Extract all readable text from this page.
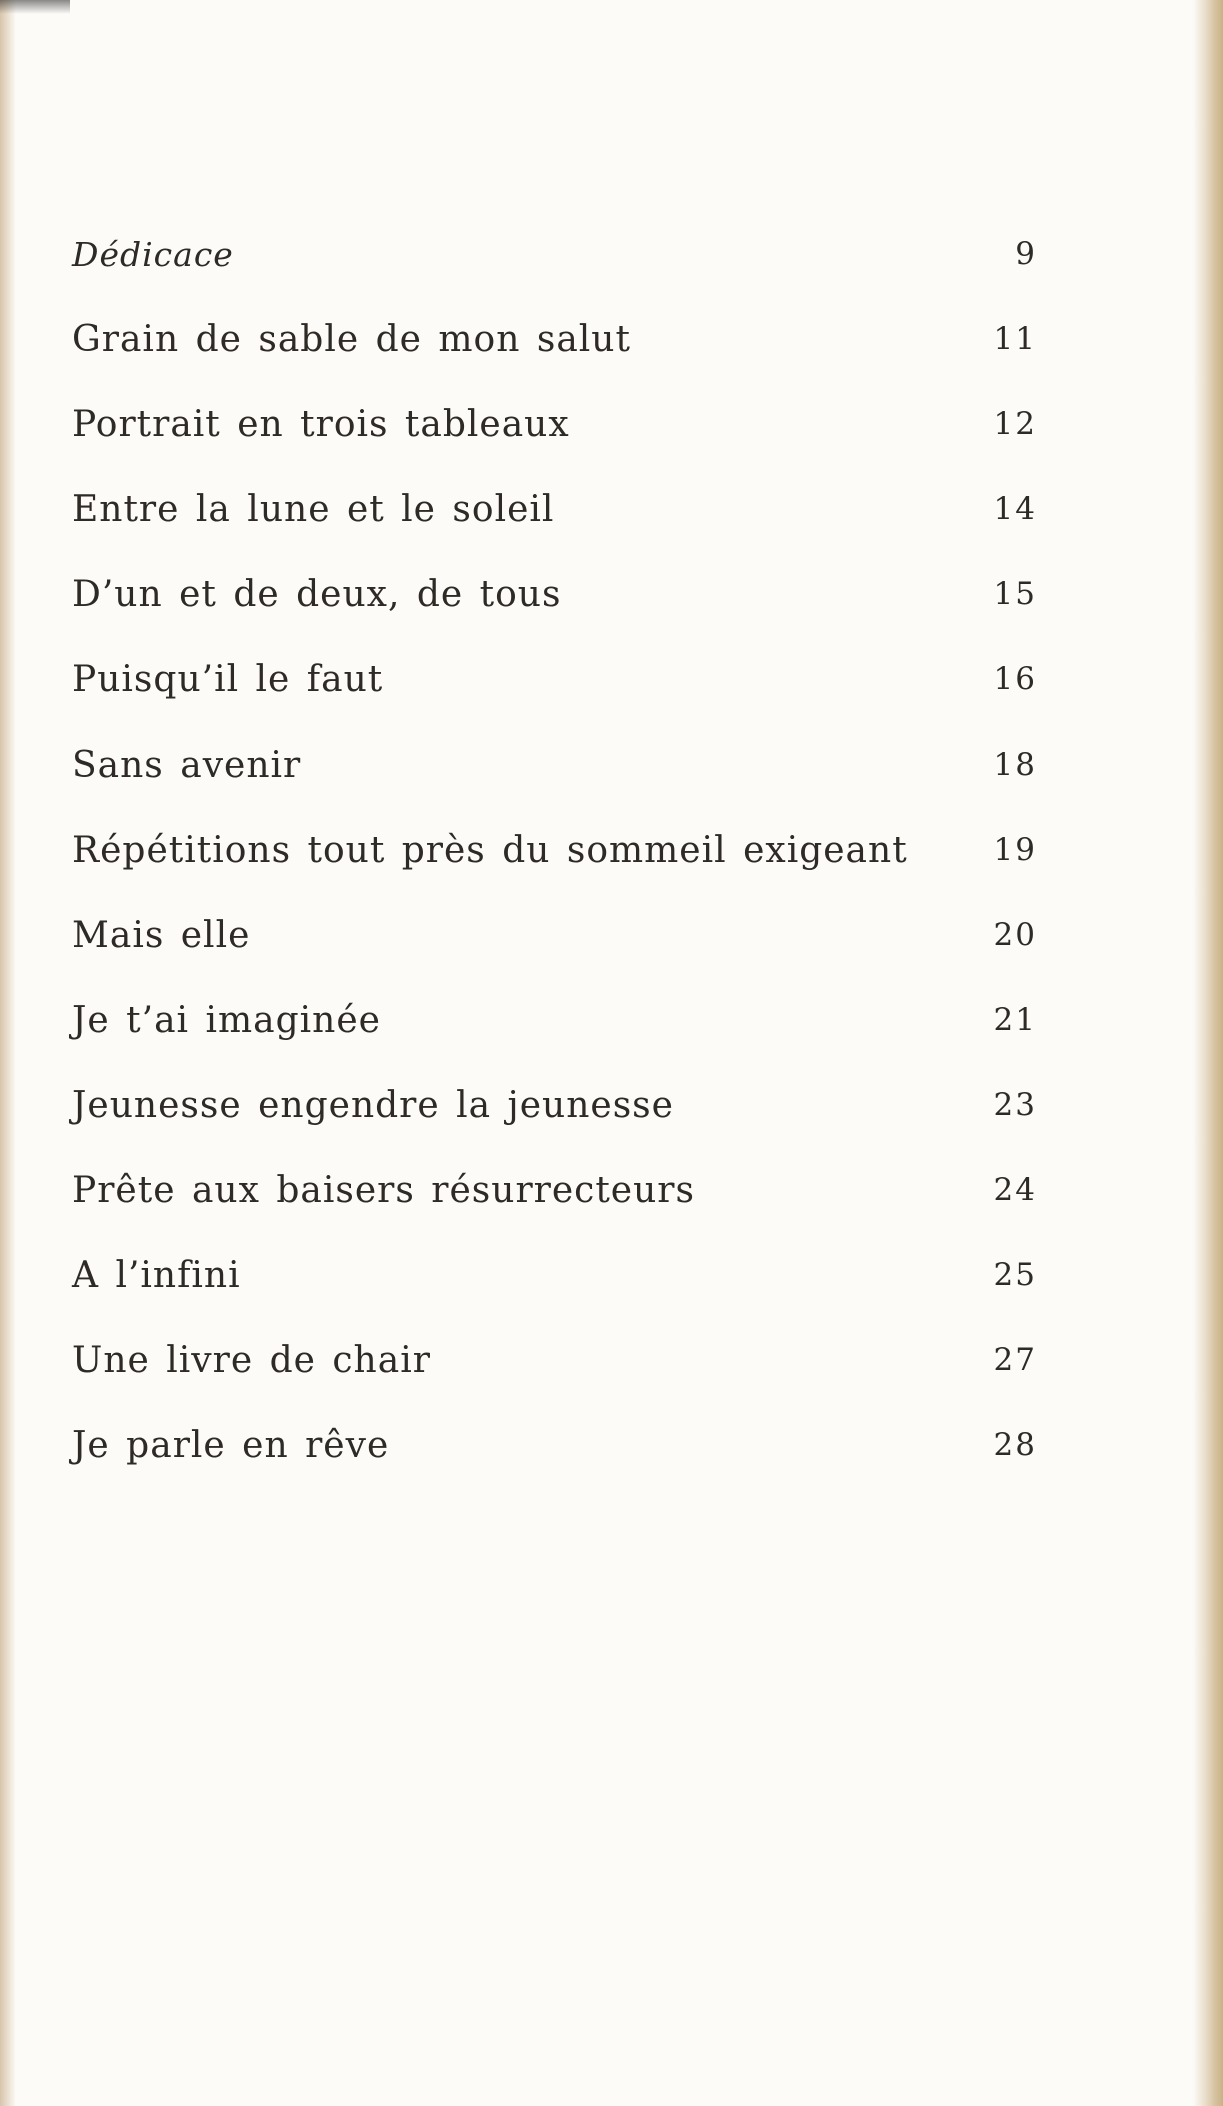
Dédicace	9
Grain de sable de mon salut	11
Portrait en trois tableaux	12
Entre la lune et le soleil	14
D’un et de deux, de tous	15
Puisqu’il le faut	16
Sans avenir	18
Répétitions tout près du sommeil exigeant	19
Mais elle	20
Je t’ai imaginée	21
Jeunesse engendre la jeunesse	23
Prête aux baisers résurrecteurs	24
A l’infini	25
Une livre de chair	27
Je parle en rêve	28
